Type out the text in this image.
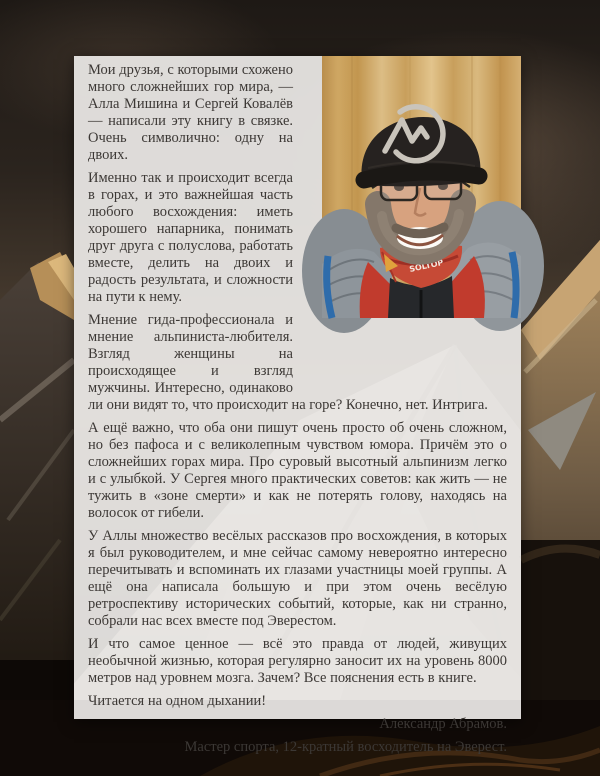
SOLTOP

Мои друзья, с которыми схожено много сложнейших гор мира, — Алла Мишина и Сергей Ковалёв — написали эту книгу в связке. Очень символично: одну на двоих.

Именно так и происходит всегда в горах, и это важнейшая часть любого восхождения: иметь хорошего напарника, понимать друг друга с полуслова, работать вместе, делить на двоих и радость результата, и сложности на пути к нему.

Мнение гида-профессионала и мнение альпиниста-любителя. Взгляд женщины на происходящее и взгляд мужчины. Интересно, одинаково ли они видят то, что происходит на горе? Конечно, нет. Интрига.

А ещё важно, что оба они пишут очень просто об очень сложном, но без пафоса и с великолепным чувством юмора. Причём это о сложнейших горах мира. Про суровый высотный альпинизм легко и с улыбкой. У Сергея много практических советов: как жить — не тужить в «зоне смерти» и как не потерять голову, находясь на волосок от гибели.

У Аллы множество весёлых рассказов про восхождения, в которых я был руководителем, и мне сейчас самому невероятно интересно перечитывать и вспоминать их глазами участницы моей группы. А ещё она написала большую и при этом очень весёлую ретроспективу исторических событий, которые, как ни странно, собрали нас всех вместе под Эверестом.

И что самое ценное — всё это правда от людей, живущих необычной жизнью, которая регулярно заносит их на уровень 8000 метров над уровнем мозга. Зачем? Все пояснения есть в книге.

Читается на одном дыхании!

Александр Абрамов.

Мастер спорта, 12-кратный восходитель на Эверест.
